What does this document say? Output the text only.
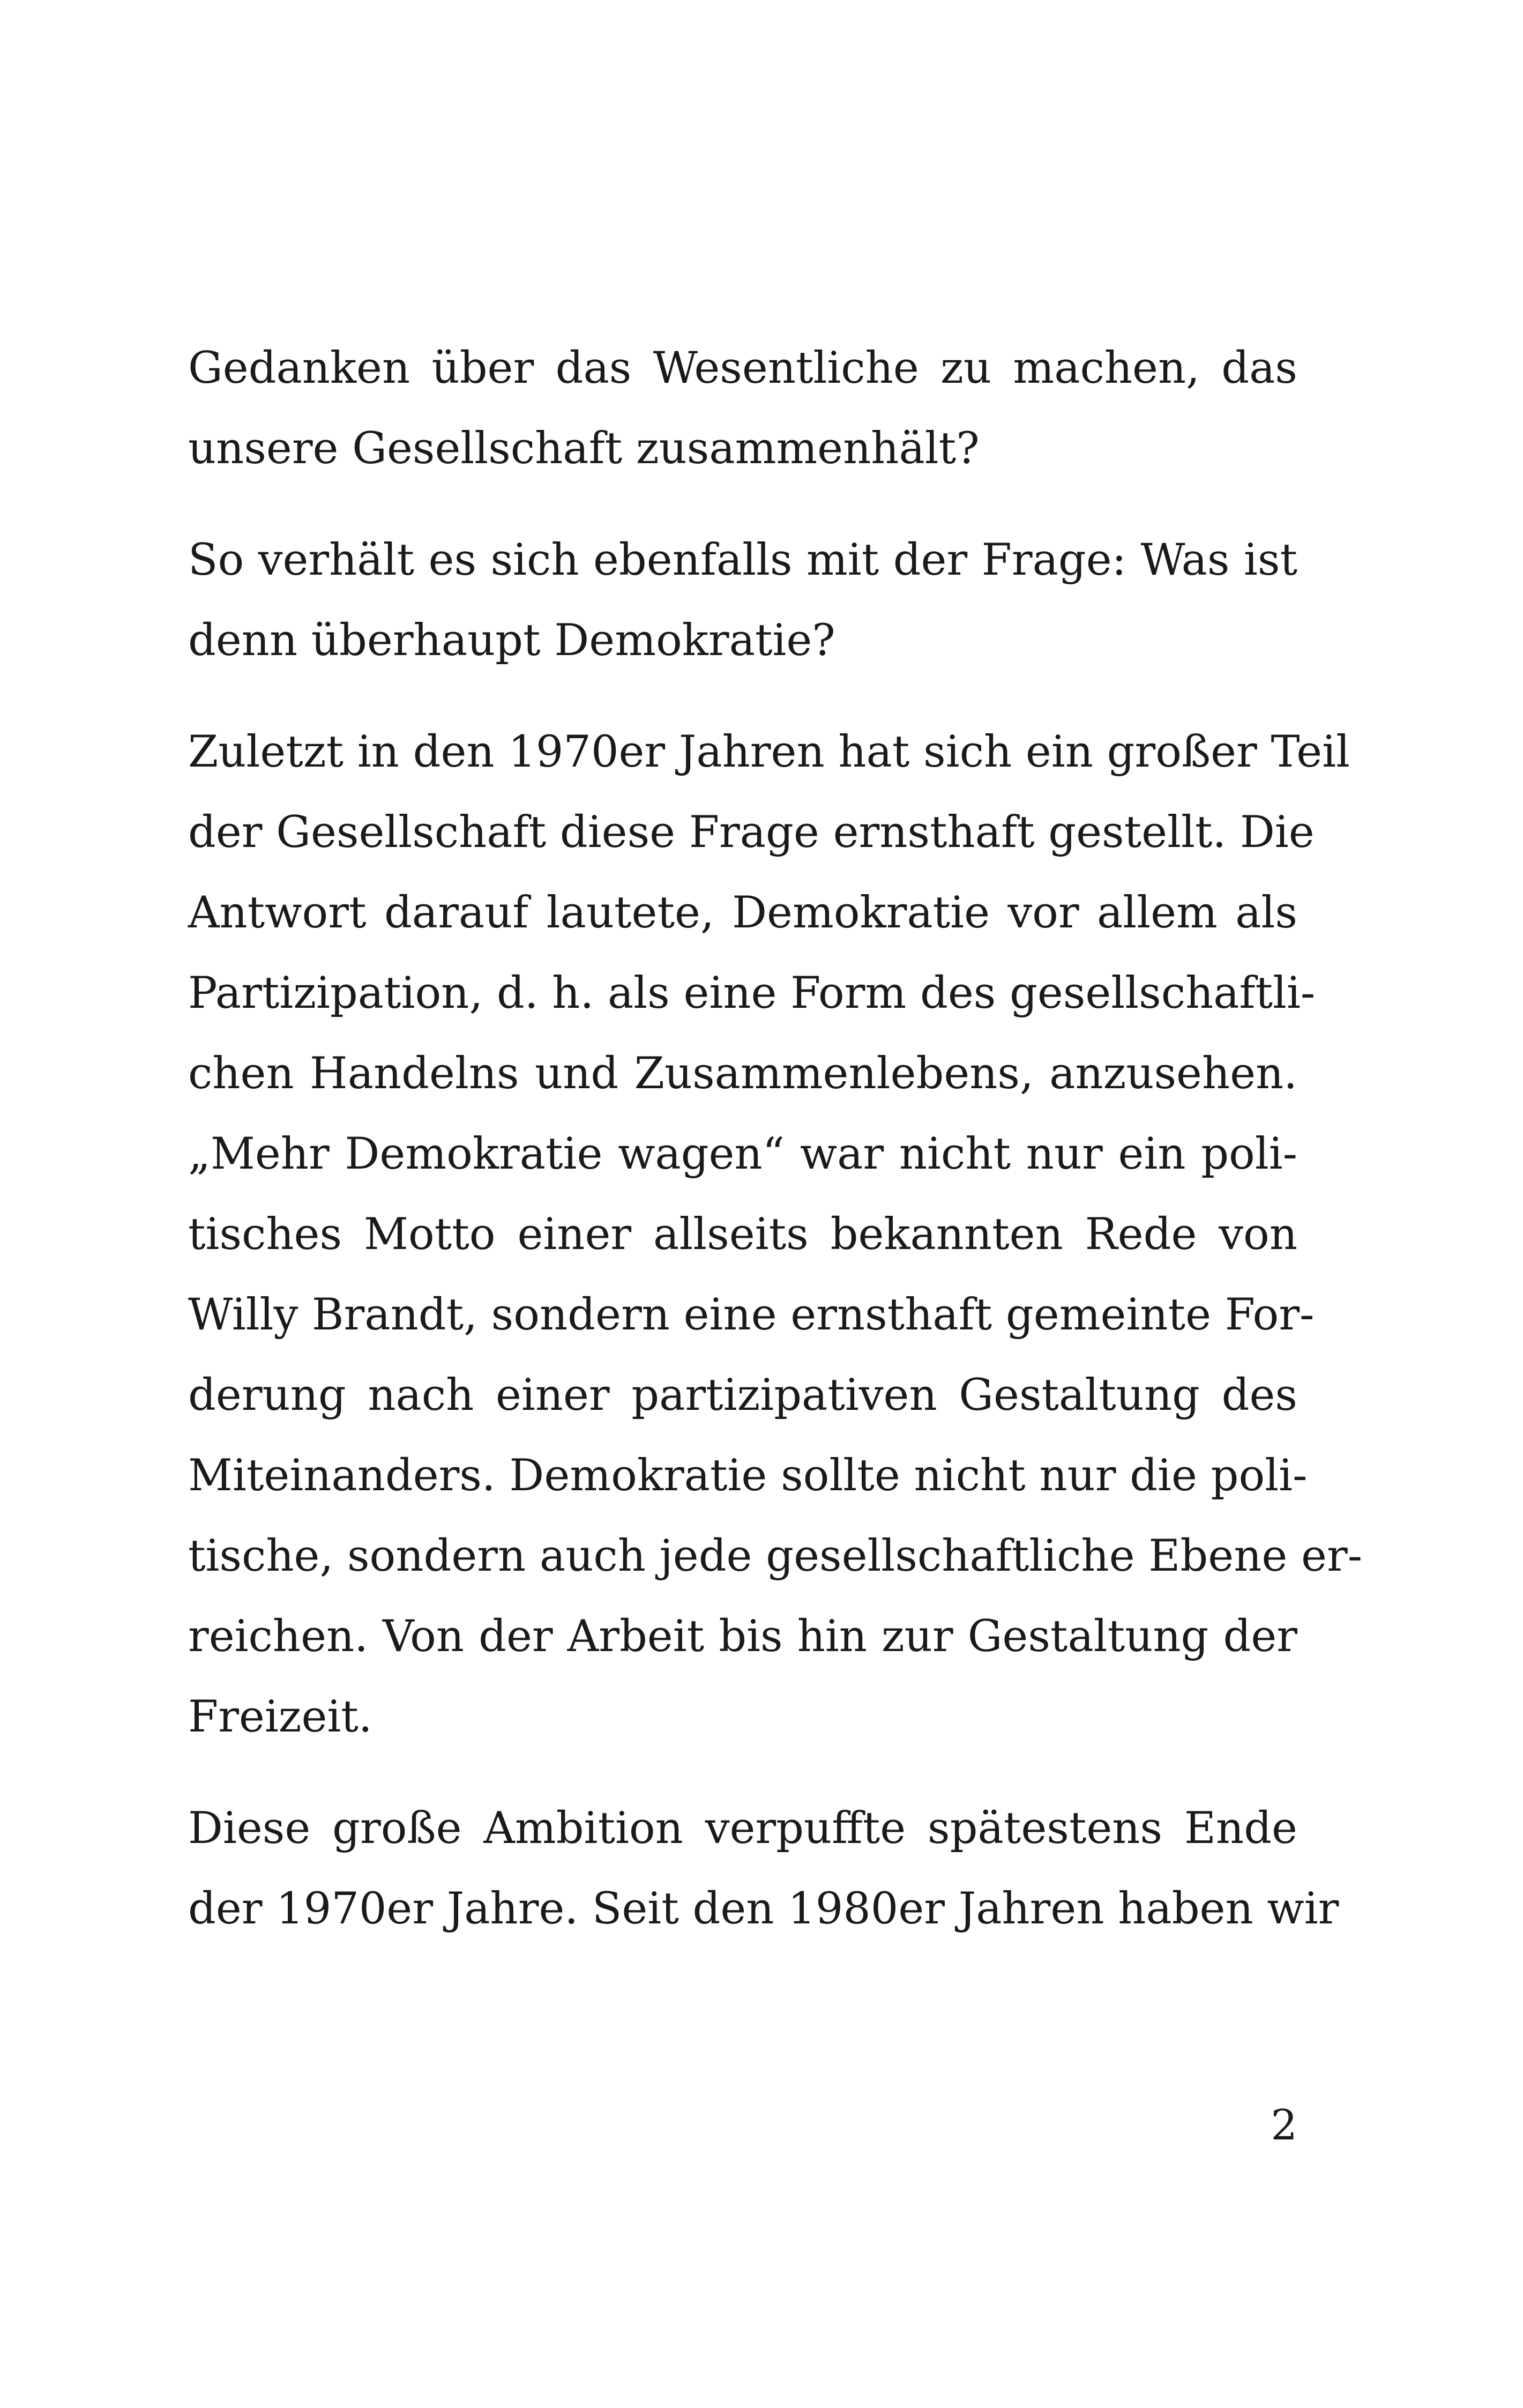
Gedanken über das Wesentliche zu machen, das
unsere Gesellschaft zusammenhält?

So verhält es sich ebenfalls mit der Frage: Was ist
denn überhaupt Demokratie?

Zuletzt in den 1970er Jahren hat sich ein großer Teil
der Gesellschaft diese Frage ernsthaft gestellt. Die
Antwort darauf lautete, Demokratie vor allem als
Partizipation, d. h. als eine Form des gesellschaftli-
chen Handelns und Zusammenlebens, anzusehen.
„Mehr Demokratie wagen“ war nicht nur ein poli-
tisches Motto einer allseits bekannten Rede von
Willy Brandt, sondern eine ernsthaft gemeinte For-
derung nach einer partizipativen Gestaltung des
Miteinanders. Demokratie sollte nicht nur die poli-
tische, sondern auch jede gesellschaftliche Ebene er-
reichen. Von der Arbeit bis hin zur Gestaltung der
Freizeit.

Diese große Ambition verpuffte spätestens Ende
der 1970er Jahre. Seit den 1980er Jahren haben wir

2
